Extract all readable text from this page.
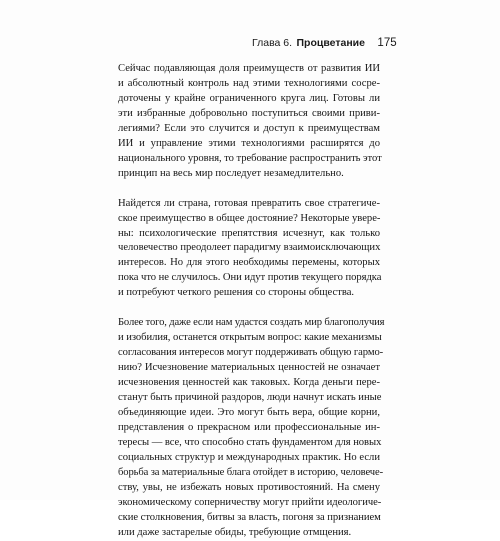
Глава 6. Процветание 175

Сейчас подавляющая доля преимуществ от развития ИИ
и абсолютный контроль над этими технологиями сосре-
доточены у крайне ограниченного круга лиц. Готовы ли
эти избранные добровольно поступиться своими приви-
легиями? Если это случится и доступ к преимуществам
ИИ и управление этими технологиями расширятся до
национального уровня, то требование распространить этот
принцип на весь мир последует незамедлительно.

Найдется ли страна, готовая превратить свое стратегиче-
ское преимущество в общее достояние? Некоторые увере-
ны: психологические препятствия исчезнут, как только
человечество преодолеет парадигму взаимоисключающих
интересов. Но для этого необходимы перемены, которых
пока что не случилось. Они идут против текущего порядка
и потребуют четкого решения со стороны общества.

Более того, даже если нам удастся создать мир благополучия
и изобилия, останется открытым вопрос: какие механизмы
согласования интересов могут поддерживать общую гармо-
нию? Исчезновение материальных ценностей не означает
исчезновения ценностей как таковых. Когда деньги пере-
станут быть причиной раздоров, люди начнут искать иные
объединяющие идеи. Это могут быть вера, общие корни,
представления о прекрасном или профессиональные ин-
тересы — все, что способно стать фундаментом для новых
социальных структур и международных практик. Но если
борьба за материальные блага отойдет в историю, человече-
ству, увы, не избежать новых противостояний. На смену
экономическому соперничеству могут прийти идеологиче-
ские столкновения, битвы за власть, погоня за признанием
или даже застарелые обиды, требующие отмщения.
